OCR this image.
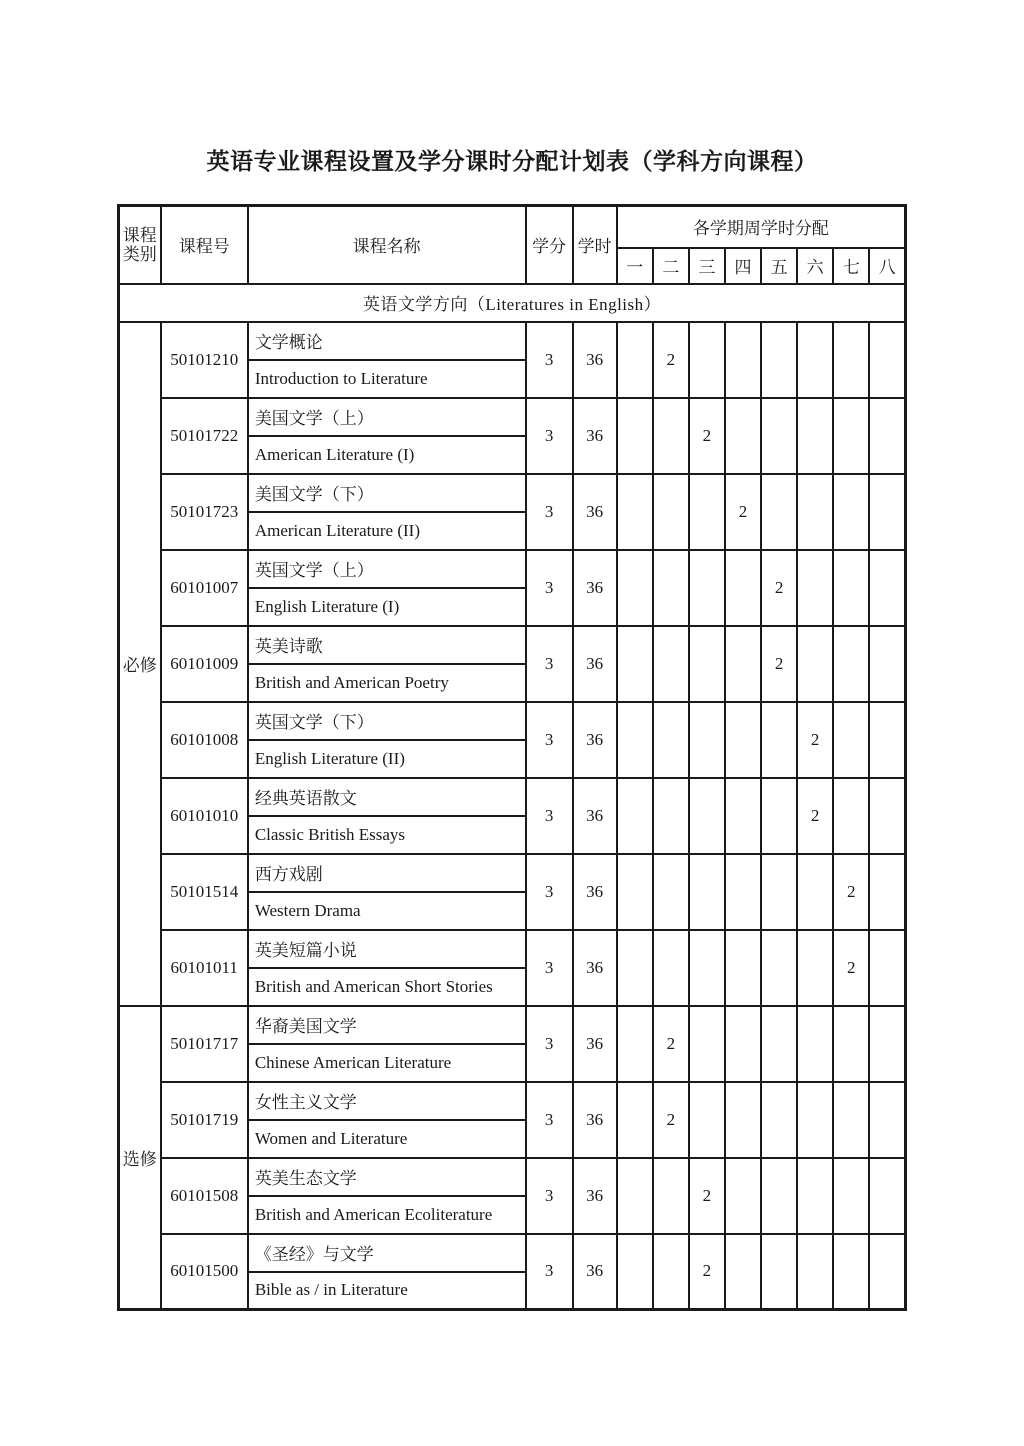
英语专业课程设置及学分课时分配计划表（学科方向课程）
课程类别	课程号	课程名称	学分	学时	各学期周学时分配							
					一	二	三	四	五	六	七	八
英语文学方向（Literatures in English）												
必修	50101210	文学概论	3	36		2						
		Introduction to Literature										
	50101722	美国文学（上）	3	36			2					
		American Literature (I)										
	50101723	美国文学（下）	3	36				2				
		American Literature (II)										
	60101007	英国文学（上）	3	36					2			
		English Literature (I)										
	60101009	英美诗歌	3	36					2			
		British and American Poetry										
	60101008	英国文学（下）	3	36						2		
		English Literature (II)										
	60101010	经典英语散文	3	36						2		
		Classic British Essays										
	50101514	西方戏剧	3	36							2	
		Western Drama										
	60101011	英美短篇小说	3	36							2	
		British and American Short Stories										
选修	50101717	华裔美国文学	3	36		2						
		Chinese American Literature										
	50101719	女性主义文学	3	36		2						
		Women and Literature										
	60101508	英美生态文学	3	36			2					
		British and American Ecoliterature										
	60101500	《圣经》与文学	3	36			2					
		Bible as / in Literature										
